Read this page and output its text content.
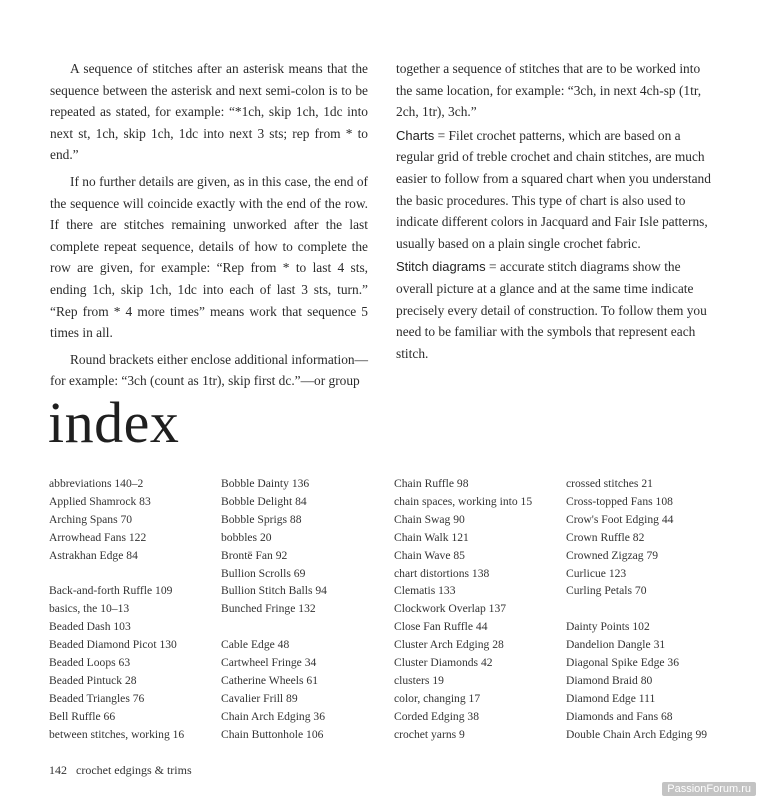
A sequence of stitches after an asterisk means that the sequence between the asterisk and next semi-colon is to be repeated as stated, for example: “*1ch, skip 1ch, 1dc into next st, 1ch, skip 1ch, 1dc into next 3 sts; rep from * to end.”

If no further details are given, as in this case, the end of the sequence will coincide exactly with the end of the row. If there are stitches remaining unworked after the last complete repeat sequence, details of how to complete the row are given, for example: “Rep from * to last 4 sts, ending 1ch, skip 1ch, 1dc into each of last 3 sts, turn.” “Rep from * 4 more times” means work that sequence 5 times in all.

Round brackets either enclose additional information—for example: “3ch (count as 1tr), skip first dc.”—or group

together a sequence of stitches that are to be worked into the same location, for example: “3ch, in next 4ch-sp (1tr, 2ch, 1tr), 3ch.”

Charts = Filet crochet patterns, which are based on a regular grid of treble crochet and chain stitches, are much easier to follow from a squared chart when you understand the basic procedures. This type of chart is also used to indicate different colors in Jacquard and Fair Isle patterns, usually based on a plain single crochet fabric.

Stitch diagrams = accurate stitch diagrams show the overall picture at a glance and at the same time indicate precisely every detail of construction. To follow them you need to be familiar with the symbols that represent each stitch.

index
abbreviations 140–2
Applied Shamrock 83
Arching Spans 70
Arrowhead Fans 122
Astrakhan Edge 84
Back-and-forth Ruffle 109
basics, the 10–13
Beaded Dash 103
Beaded Diamond Picot 130
Beaded Loops 63
Beaded Pintuck 28
Beaded Triangles 76
Bell Ruffle 66
between stitches, working 16
Bobble Dainty 136
Bobble Delight 84
Bobble Sprigs 88
bobbles 20
Brontë Fan 92
Bullion Scrolls 69
Bullion Stitch Balls 94
Bunched Fringe 132
Cable Edge 48
Cartwheel Fringe 34
Catherine Wheels 61
Cavalier Frill 89
Chain Arch Edging 36
Chain Buttonhole 106
Chain Ruffle 98
chain spaces, working into 15
Chain Swag 90
Chain Walk 121
Chain Wave 85
chart distortions 138
Clematis 133
Clockwork Overlap 137
Close Fan Ruffle 44
Cluster Arch Edging 28
Cluster Diamonds 42
clusters 19
color, changing 17
Corded Edging 38
crochet yarns 9
crossed stitches 21
Cross-topped Fans 108
Crow's Foot Edging 44
Crown Ruffle 82
Crowned Zigzag 79
Curlicue 123
Curling Petals 70
Dainty Points 102
Dandelion Dangle 31
Diagonal Spike Edge 36
Diamond Braid 80
Diamond Edge 111
Diamonds and Fans 68
Double Chain Arch Edging 99
142 crochet edgings & trims
PassionForum.ru
